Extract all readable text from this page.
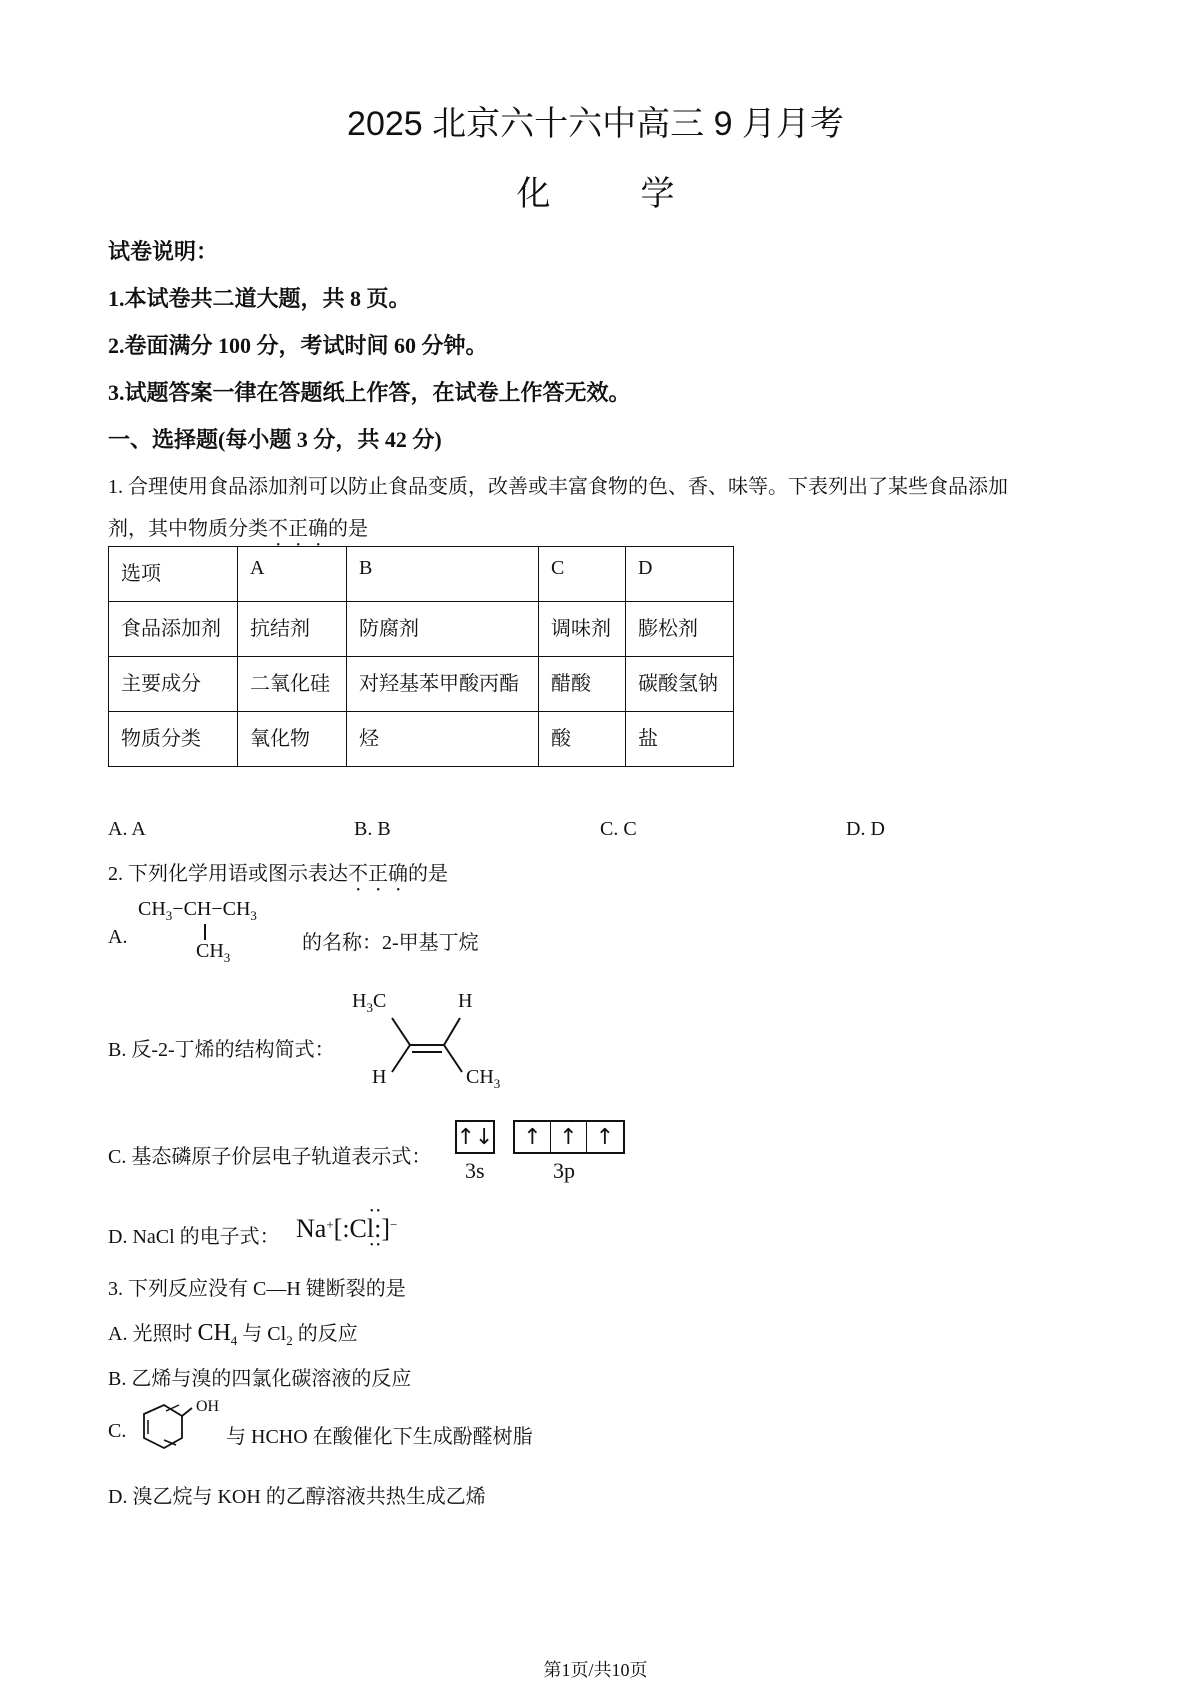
2025 北京六十六中高三 9 月月考
化	学
试卷说明：
1.本试卷共二道大题，共 8 页。
2.卷面满分 100 分，考试时间 60 分钟。
3.试题答案一律在答题纸上作答，在试卷上作答无效。
一、选择题(每小题 3 分，共 42 分)
1. 合理使用食品添加剂可以防止食品变质，改善或丰富食物的色、香、味等。下表列出了某些食品添加
剂，其中物质分类不正确的是
选项	A	B	C	D
食品添加剂	抗结剂	防腐剂	调味剂	膨松剂
主要成分	二氧化硅	对羟基苯甲酸丙酯	醋酸	碳酸氢钠
物质分类	氧化物	烃	酸	盐
A. A	B. B	C. C	D. D
2. 下列化学用语或图示表达不正确的是
A.
$CH_3-CH-CH_3$
$CH_3$
的名称：2-甲基丁烷
B. 反-2-丁烯的结构简式：
$H_3C$	H
H	$CH_3$
C. 基态磷原子价层电子轨道表示式：
↑↓	↑ ↑ ↑
3s	3p
D. NaCl 的电子式： Na+[:Cl:]−
••
••
3. 下列反应没有 C—H 键断裂的是
A. 光照时 $CH_4$ 与 $Cl_2$ 的反应
B. 乙烯与溴的四氯化碳溶液的反应
C.
OH
与 HCHO 在酸催化下生成酚醛树脂
D. 溴乙烷与 KOH 的乙醇溶液共热生成乙烯
第1页/共10页
